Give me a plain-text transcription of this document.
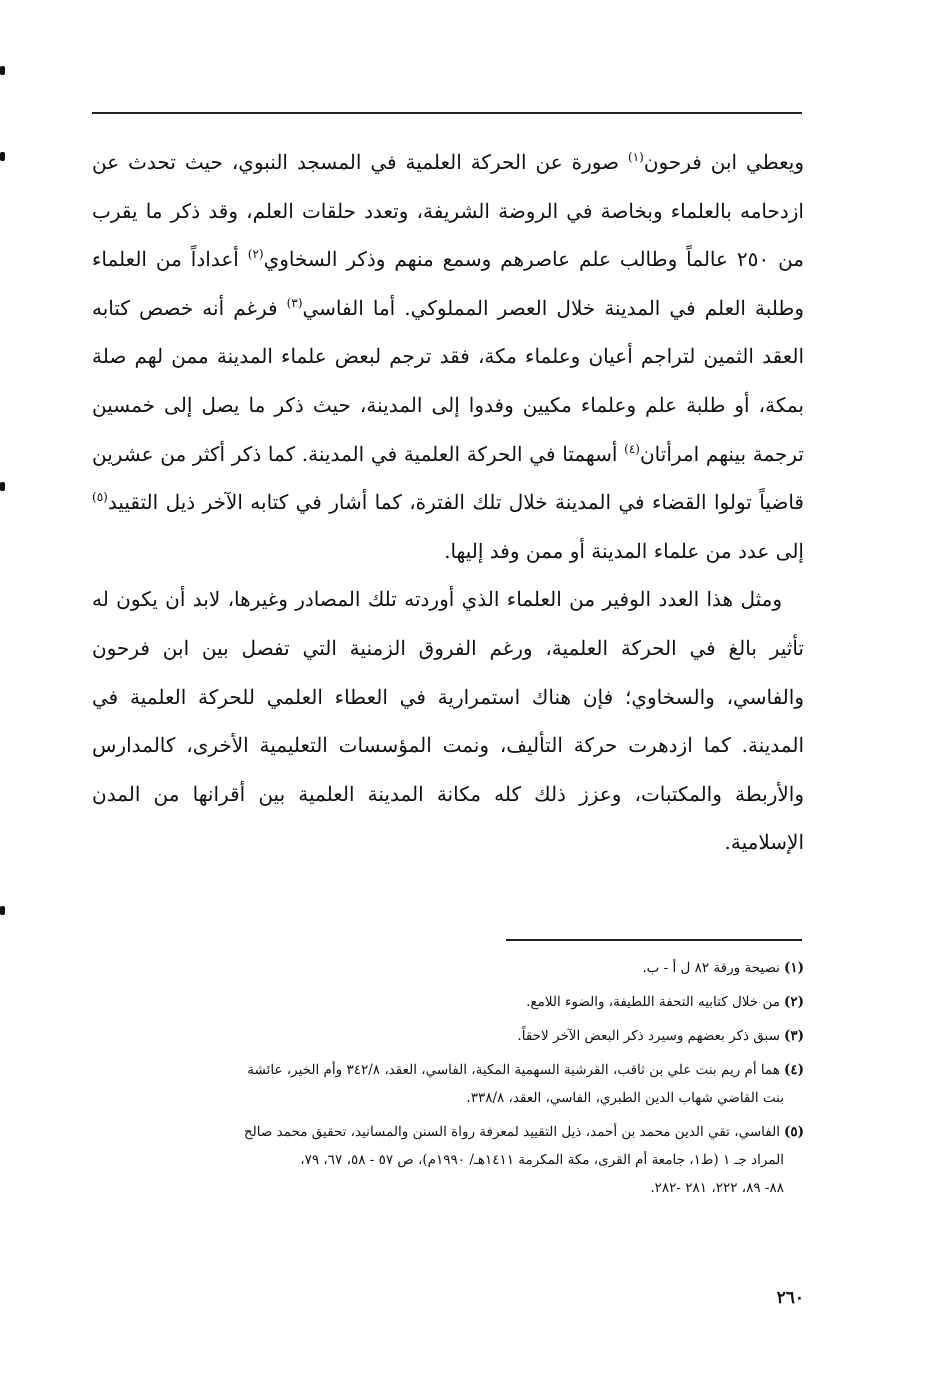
ويعطي ابن فرحون$^{(١)}$ صورة عن الحركة العلمية في المسجد النبوي، حيث تحدث عن ازدحامه بالعلماء وبخاصة في الروضة الشريفة، وتعدد حلقات العلم، وقد ذكر ما يقرب من ٢٥٠ عالماً وطالب علم عاصرهم وسمع منهم وذكر السخاوي$^{(٢)}$ أعداداً من العلماء وطلبة العلم في المدينة خلال العصر المملوكي. أما الفاسي$^{(٣)}$ فرغم أنه خصص كتابه العقد الثمين لتراجم أعيان وعلماء مكة، فقد ترجم لبعض علماء المدينة ممن لهم صلة بمكة، أو طلبة علم وعلماء مكيين وفدوا إلى المدينة، حيث ذكر ما يصل إلى خمسين ترجمة بينهم امرأتان$^{(٤)}$ أسهمتا في الحركة العلمية في المدينة. كما ذكر أكثر من عشرين قاضياً تولوا القضاء في المدينة خلال تلك الفترة، كما أشار في كتابه الآخر ذيل التقييد$^{(٥)}$ إلى عدد من علماء المدينة أو ممن وفد إليها.

ومثل هذا العدد الوفير من العلماء الذي أوردته تلك المصادر وغيرها، لابد أن يكون له تأثير بالغ في الحركة العلمية، ورغم الفروق الزمنية التي تفصل بين ابن فرحون والفاسي، والسخاوي؛ فإن هناك استمرارية في العطاء العلمي للحركة العلمية في المدينة. كما ازدهرت حركة التأليف، ونمت المؤسسات التعليمية الأخرى، كالمدارس والأربطة والمكتبات، وعزز ذلك كله مكانة المدينة العلمية بين أقرانها من المدن الإسلامية.

(١)نصيحة ورقة ٨٢ ل أ - ب.
(٢)من خلال كتابيه التحفة اللطيفة، والضوء اللامع.
(٣)سبق ذكر بعضهم وسيرد ذكر البعض الآخر لاحقاً.
(٤)هما أم ريم بنت علي بن ثاقب، القرشية السهمية المكية، الفاسي، العقد، ٣٤٢/٨ وأم الخير، عائشة
بنت القاضي شهاب الدين الطبري، الفاسي، العقد، ٣٣٨/٨.
(٥)الفاسي، تقي الدين محمد بن أحمد، ذيل التقييد لمعرفة رواة السنن والمسانيد، تحقيق محمد صالح
المراد جـ ١ (ط١، جامعة أم القرى، مكة المكرمة ١٤١١هـ/ ١٩٩٠م)، ص ٥٧ - ٥٨، ٦٧، ٧٩،
٨٨- ٨٩، ٢٢٢، ٢٨١ -٢٨٢.
٢٦٠
